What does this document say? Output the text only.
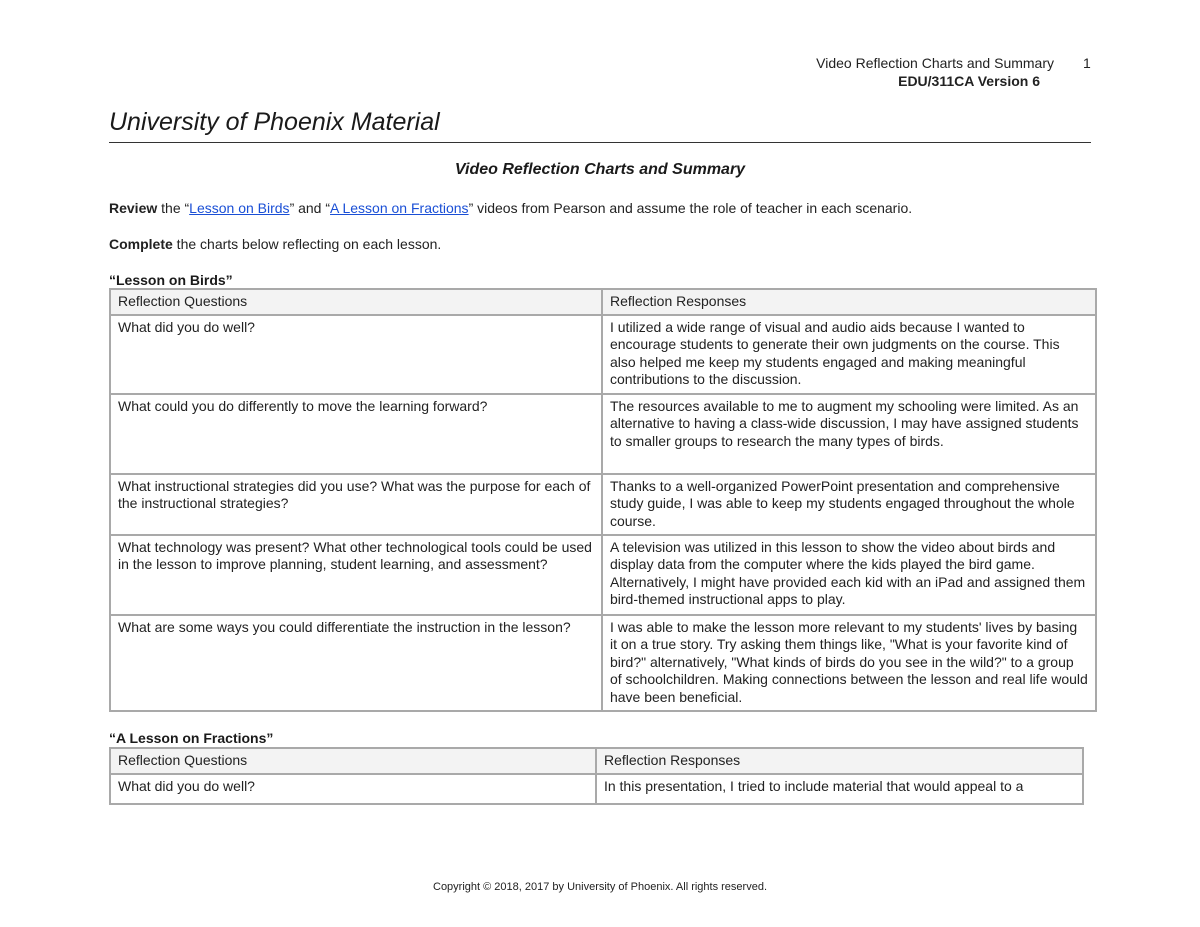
Video Reflection Charts and Summary 1
EDU/311CA Version 6
University of Phoenix Material
Video Reflection Charts and Summary
Review the “Lesson on Birds” and “A Lesson on Fractions” videos from Pearson and assume the role of teacher in each scenario.
Complete the charts below reflecting on each lesson.
“Lesson on Birds”
Reflection Questions	Reflection Responses
What did you do well?	I utilized a wide range of visual and audio aids because I wanted to encourage students to generate their own judgments on the course. This also helped me keep my students engaged and making meaningful contributions to the discussion.
What could you do differently to move the learning forward?	The resources available to me to augment my schooling were limited. As an alternative to having a class-wide discussion, I may have assigned students to smaller groups to research the many types of birds.
What instructional strategies did you use? What was the purpose for each of the instructional strategies?	Thanks to a well-organized PowerPoint presentation and comprehensive study guide, I was able to keep my students engaged throughout the whole course.
What technology was present? What other technological tools could be used in the lesson to improve planning, student learning, and assessment?	A television was utilized in this lesson to show the video about birds and display data from the computer where the kids played the bird game. Alternatively, I might have provided each kid with an iPad and assigned them bird-themed instructional apps to play.
What are some ways you could differentiate the instruction in the lesson?	I was able to make the lesson more relevant to my students' lives by basing it on a true story. Try asking them things like, "What is your favorite kind of bird?" alternatively, "What kinds of birds do you see in the wild?" to a group of schoolchildren. Making connections between the lesson and real life would have been beneficial.
“A Lesson on Fractions”
Reflection Questions	Reflection Responses
What did you do well?	In this presentation, I tried to include material that would appeal to a
Copyright © 2018, 2017 by University of Phoenix. All rights reserved.
